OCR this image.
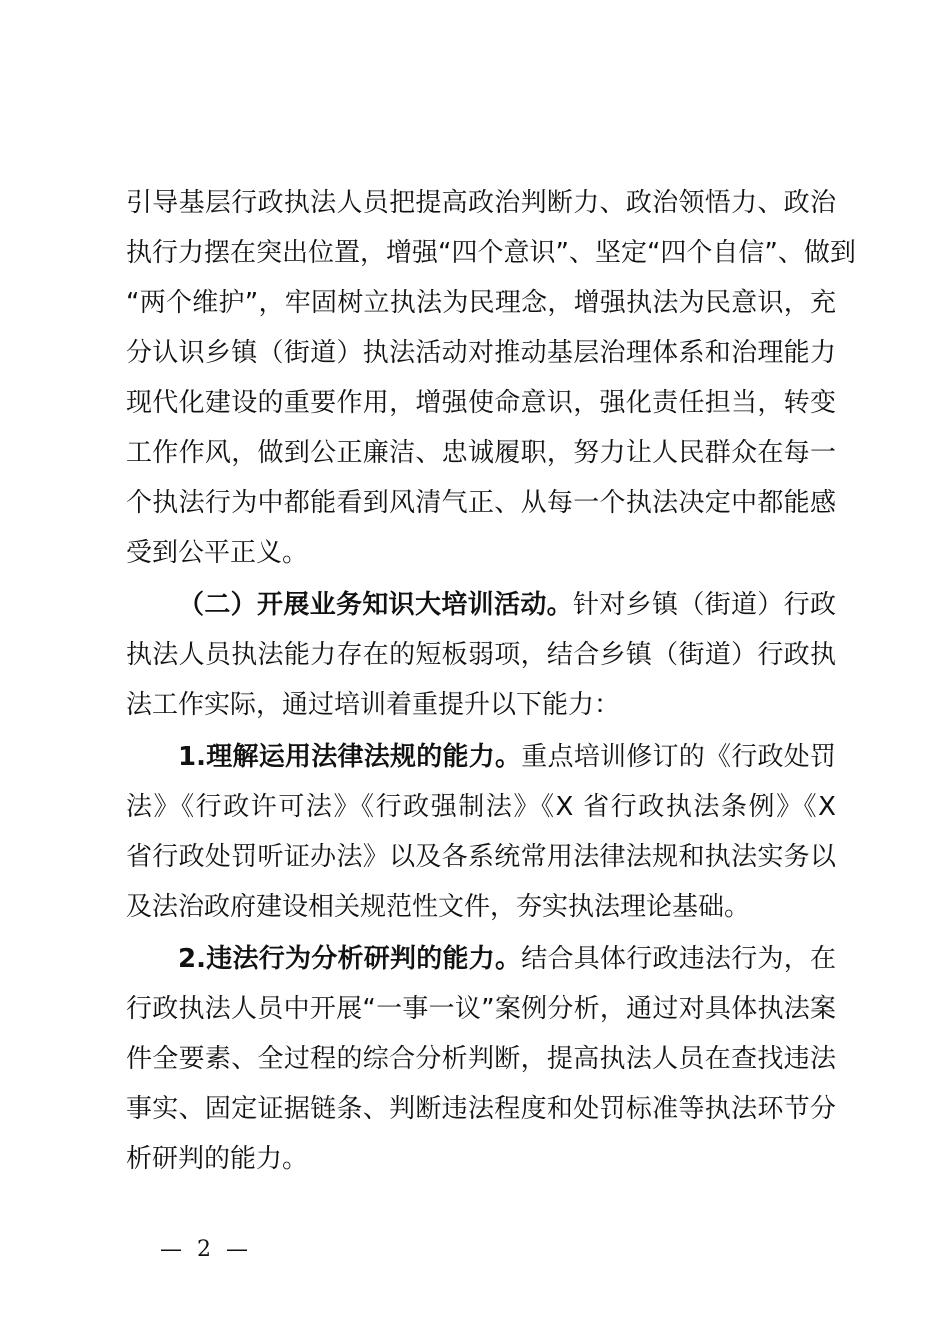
引导基层行政执法人员把提高政治判断力、政治领悟力、政治
执行力摆在突出位置，增强“四个意识”、坚定“四个自信”、做到
“两个维护”，牢固树立执法为民理念，增强执法为民意识，充
分认识乡镇（街道）执法活动对推动基层治理体系和治理能力
现代化建设的重要作用，增强使命意识，强化责任担当，转变
工作作风，做到公正廉洁、忠诚履职，努力让人民群众在每一
个执法行为中都能看到风清气正、从每一个执法决定中都能感
受到公平正义。
（二）开展业务知识大培训活动。针对乡镇（街道）行政
执法人员执法能力存在的短板弱项，结合乡镇（街道）行政执
法工作实际，通过培训着重提升以下能力：
1.理解运用法律法规的能力。重点培训修订的《行政处罚
法》《行政许可法》《行政强制法》《X 省行政执法条例》《X
省行政处罚听证办法》以及各系统常用法律法规和执法实务以
及法治政府建设相关规范性文件，夯实执法理论基础。
2.违法行为分析研判的能力。结合具体行政违法行为，在
行政执法人员中开展“一事一议”案例分析，通过对具体执法案
件全要素、全过程的综合分析判断，提高执法人员在查找违法
事实、固定证据链条、判断违法程度和处罚标准等执法环节分
析研判的能力。
— 2 —
